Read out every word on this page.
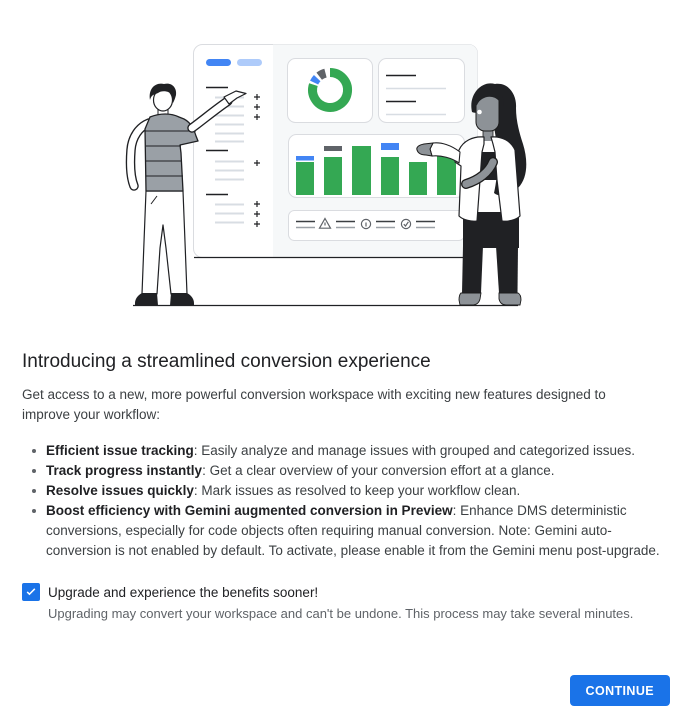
Introducing a streamlined conversion experience

Get access to a new, more powerful conversion workspace with exciting new features designed to improve your workflow:

Efficient issue tracking: Easily analyze and manage issues with grouped and categorized issues.
Track progress instantly: Get a clear overview of your conversion effort at a glance.
Resolve issues quickly: Mark issues as resolved to keep your workflow clean.
Boost efficiency with Gemini augmented conversion in Preview: Enhance DMS deterministic conversions, especially for code objects often requiring manual conversion. Note: Gemini auto-conversion is not enabled by default. To activate, please enable it from the Gemini menu post-upgrade.
Upgrade and experience the benefits sooner!
Upgrading may convert your workspace and can't be undone. This process may take several minutes.
CONTINUE
